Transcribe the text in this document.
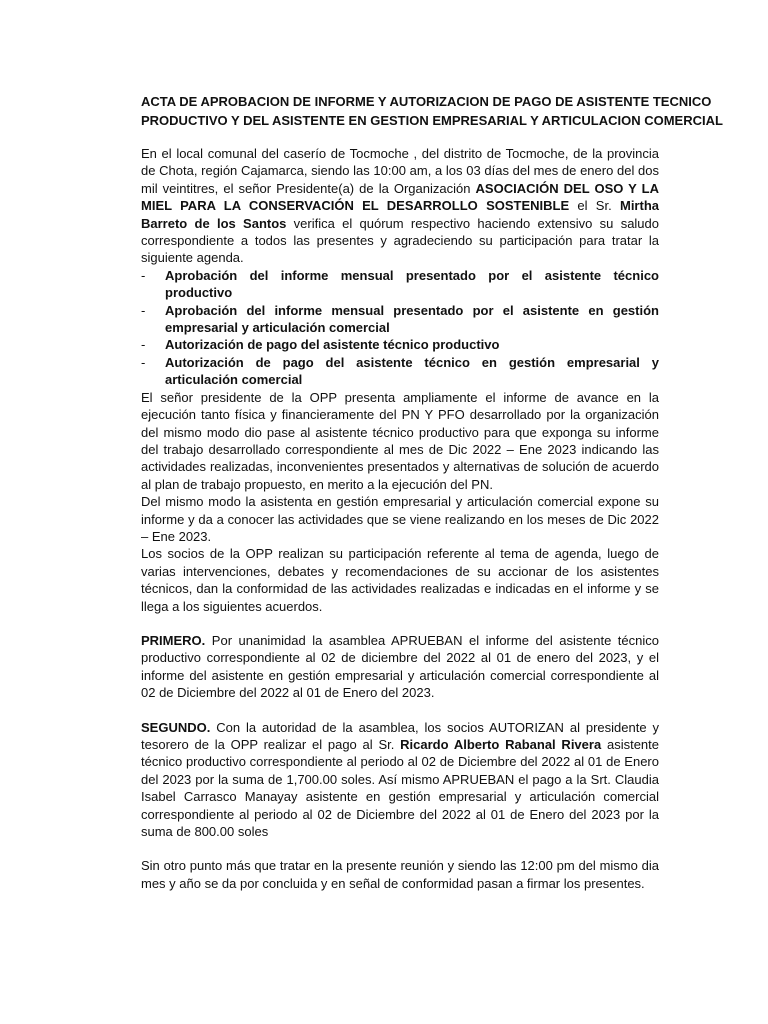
ACTA DE APROBACION DE INFORME Y AUTORIZACION DE PAGO DE ASISTENTE TECNICO
PRODUCTIVO Y DEL ASISTENTE EN GESTION EMPRESARIAL Y ARTICULACION COMERCIAL

En el local comunal del caserío de Tocmoche , del distrito de Tocmoche, de la provincia de Chota, región Cajamarca, siendo las 10:00 am, a los 03 días del mes de enero del dos mil veintitres, el señor Presidente(a) de la Organización ASOCIACIÓN DEL OSO Y LA MIEL PARA LA CONSERVACIÓN EL DESARROLLO SOSTENIBLE el Sr. Mirtha Barreto de los Santos verifica el quórum respectivo haciendo extensivo su saludo correspondiente a todos las presentes y agradeciendo su participación para tratar la siguiente agenda.

- Aprobación del informe mensual presentado por el asistente técnico productivo
- Aprobación del informe mensual presentado por el asistente en gestión empresarial y articulación comercial
- Autorización de pago del asistente técnico productivo
- Autorización de pago del asistente técnico en gestión empresarial y articulación comercial

El señor presidente de la OPP presenta ampliamente el informe de avance en la ejecución tanto física y financieramente del PN Y PFO desarrollado por la organización del mismo modo dio pase al asistente técnico productivo para que exponga su informe del trabajo desarrollado correspondiente al mes de Dic 2022 – Ene 2023 indicando las actividades realizadas, inconvenientes presentados y alternativas de solución de acuerdo al plan de trabajo propuesto, en merito a la ejecución del PN.

Del mismo modo la asistenta en gestión empresarial y articulación comercial expone su informe y da a conocer las actividades que se viene realizando en los meses de Dic 2022 – Ene 2023.

Los socios de la OPP realizan su participación referente al tema de agenda, luego de varias intervenciones, debates y recomendaciones de su accionar de los asistentes técnicos, dan la conformidad de las actividades realizadas e indicadas en el informe y se llega a los siguientes acuerdos.

PRIMERO. Por unanimidad la asamblea APRUEBAN el informe del asistente técnico productivo correspondiente al 02 de diciembre del 2022 al 01 de enero del 2023, y el informe del asistente en gestión empresarial y articulación comercial correspondiente al 02 de Diciembre del 2022 al 01 de Enero del 2023.

SEGUNDO. Con la autoridad de la asamblea, los socios AUTORIZAN al presidente y tesorero de la OPP realizar el pago al Sr. Ricardo Alberto Rabanal Rivera asistente técnico productivo correspondiente al periodo al 02 de Diciembre del 2022 al 01 de Enero del 2023 por la suma de 1,700.00 soles. Así mismo APRUEBAN el pago a la Srt. Claudia Isabel Carrasco Manayay asistente en gestión empresarial y articulación comercial correspondiente al periodo al 02 de Diciembre del 2022 al 01 de Enero del 2023 por la suma de 800.00 soles

Sin otro punto más que tratar en la presente reunión y siendo las 12:00 pm del mismo dia mes y año se da por concluida y en señal de conformidad pasan a firmar los presentes.
